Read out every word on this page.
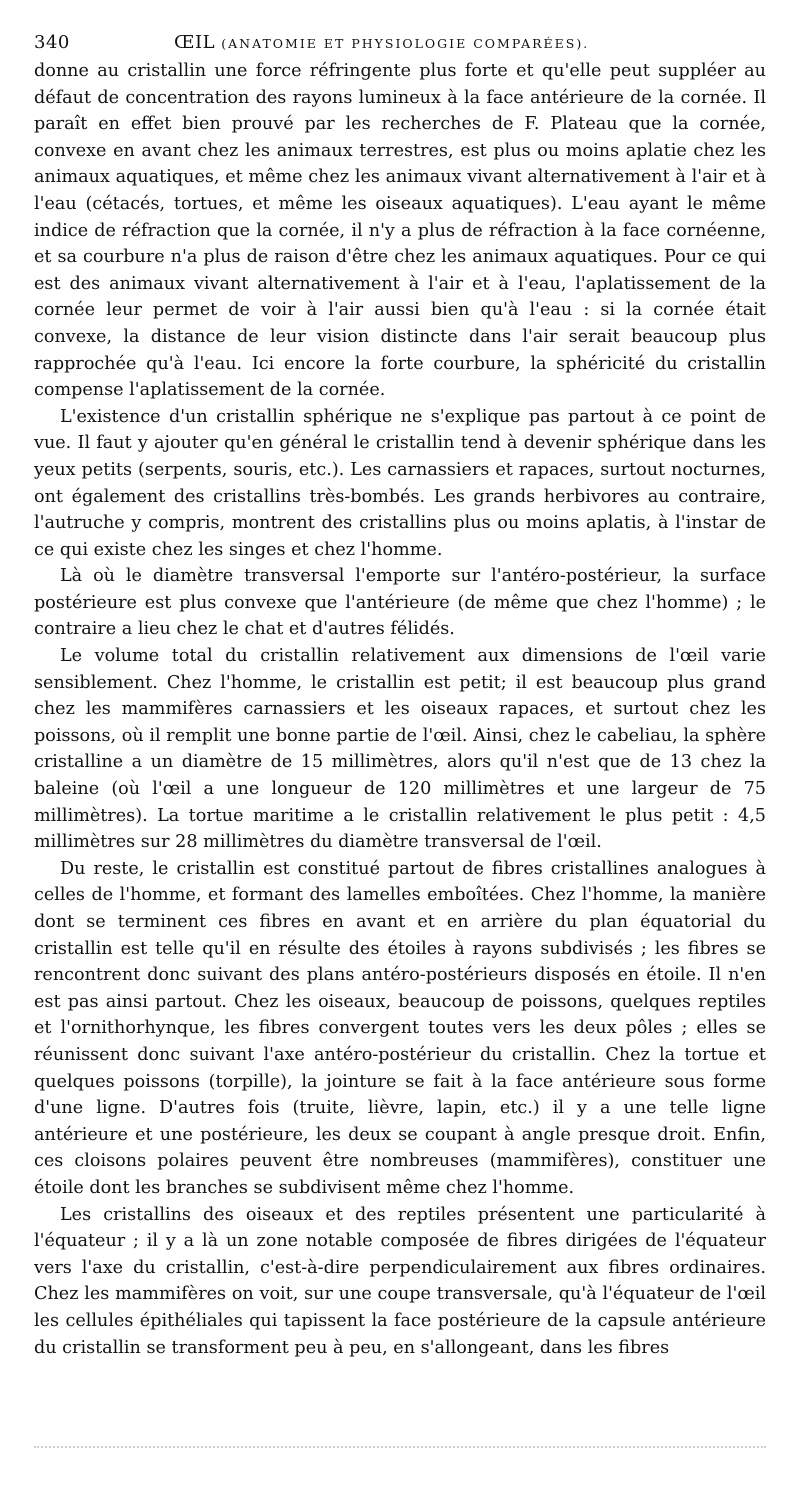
340	ŒIL (ANATOMIE ET PHYSIOLOGIE COMPARÉES).

donne au cristallin une force réfringente plus forte et qu'elle peut suppléer au défaut de concentration des rayons lumineux à la face antérieure de la cornée. Il paraît en effet bien prouvé par les recherches de F. Plateau que la cornée, convexe en avant chez les animaux terrestres, est plus ou moins aplatie chez les animaux aquatiques, et même chez les animaux vivant alternativement à l'air et à l'eau (cétacés, tortues, et même les oiseaux aquatiques). L'eau ayant le même indice de réfraction que la cornée, il n'y a plus de réfraction à la face cornéenne, et sa courbure n'a plus de raison d'être chez les animaux aquatiques. Pour ce qui est des animaux vivant alternativement à l'air et à l'eau, l'aplatissement de la cornée leur permet de voir à l'air aussi bien qu'à l'eau : si la cornée était convexe, la distance de leur vision distincte dans l'air serait beaucoup plus rapprochée qu'à l'eau. Ici encore la forte courbure, la sphéricité du cristallin compense l'aplatissement de la cornée.

L'existence d'un cristallin sphérique ne s'explique pas partout à ce point de vue. Il faut y ajouter qu'en général le cristallin tend à devenir sphérique dans les yeux petits (serpents, souris, etc.). Les carnassiers et rapaces, surtout nocturnes, ont également des cristallins très-bombés. Les grands herbivores au contraire, l'autruche y compris, montrent des cristallins plus ou moins aplatis, à l'instar de ce qui existe chez les singes et chez l'homme.

Là où le diamètre transversal l'emporte sur l'antéro-postérieur, la surface postérieure est plus convexe que l'antérieure (de même que chez l'homme) ; le contraire a lieu chez le chat et d'autres félidés.

Le volume total du cristallin relativement aux dimensions de l'œil varie sensiblement. Chez l'homme, le cristallin est petit; il est beaucoup plus grand chez les mammifères carnassiers et les oiseaux rapaces, et surtout chez les poissons, où il remplit une bonne partie de l'œil. Ainsi, chez le cabeliau, la sphère cristalline a un diamètre de 15 millimètres, alors qu'il n'est que de 13 chez la baleine (où l'œil a une longueur de 120 millimètres et une largeur de 75 millimètres). La tortue maritime a le cristallin relativement le plus petit : 4,5 millimètres sur 28 millimètres du diamètre transversal de l'œil.

Du reste, le cristallin est constitué partout de fibres cristallines analogues à celles de l'homme, et formant des lamelles emboîtées. Chez l'homme, la manière dont se terminent ces fibres en avant et en arrière du plan équatorial du cristallin est telle qu'il en résulte des étoiles à rayons subdivisés ; les fibres se rencontrent donc suivant des plans antéro-postérieurs disposés en étoile. Il n'en est pas ainsi partout. Chez les oiseaux, beaucoup de poissons, quelques reptiles et l'ornithorhynque, les fibres convergent toutes vers les deux pôles ; elles se réunissent donc suivant l'axe antéro-postérieur du cristallin. Chez la tortue et quelques poissons (torpille), la jointure se fait à la face antérieure sous forme d'une ligne. D'autres fois (truite, lièvre, lapin, etc.) il y a une telle ligne antérieure et une postérieure, les deux se coupant à angle presque droit. Enfin, ces cloisons polaires peuvent être nombreuses (mammifères), constituer une étoile dont les branches se subdivisent même chez l'homme.

Les cristallins des oiseaux et des reptiles présentent une particularité à l'équateur ; il y a là un zone notable composée de fibres dirigées de l'équateur vers l'axe du cristallin, c'est-à-dire perpendiculairement aux fibres ordinaires. Chez les mammifères on voit, sur une coupe transversale, qu'à l'équateur de l'œil les cellules épithéliales qui tapissent la face postérieure de la capsule antérieure du cristallin se transforment peu à peu, en s'allongeant, dans les fibres
